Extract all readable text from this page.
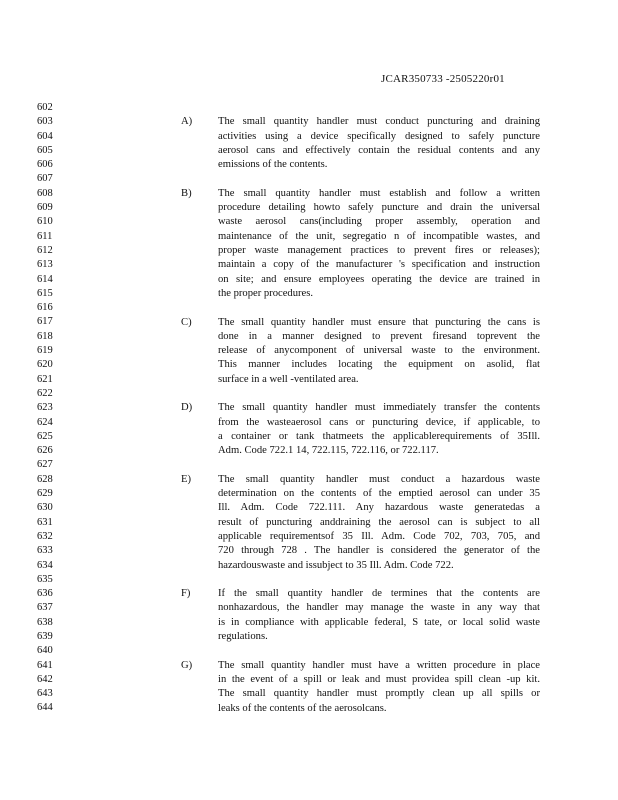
JCAR350733 -2505220r01
602
603
604
605
606
607
608
609
610
611
612
613
614
615
616
617
618
619
620
621
622
623
624
625
626
627
628
629
630
631
632
633
634
635
636
637
638
639
640
641
642
643
644
A) The small quantity handler must conduct puncturing and draining
activities using a device specifically designed to safely puncture
aerosol cans and effectively contain the residual contents and any
emissions of the contents.
B) The small quantity handler must establish and follow a written
procedure detailing howto safely puncture and drain the universal
waste aerosol cans(including proper assembly, operation and
maintenance of the unit, segregatio n of incompatible wastes, and
proper waste management practices to prevent fires or releases);
maintain a copy of the manufacturer 's specification and instruction
on site; and ensure employees operating the device are trained in
the proper procedures.
C) The small quantity handler must ensure that puncturing the cans is
done in a manner designed to prevent firesand toprevent the
release of anycomponent of universal waste to the environment.
This manner includes locating the equipment on asolid, flat
surface in a well -ventilated area.
D) The small quantity handler must immediately transfer the contents
from the wasteaerosol cans or puncturing device, if applicable, to
a container or tank thatmeets the applicablerequirements of 35Ill.
Adm. Code 722.1 14, 722.115, 722.116, or 722.117.
E)	The small quantity handler must conduct a hazardous waste
determination on the contents of the emptied aerosol can under 35
Ill. Adm. Code 722.111. Any hazardous waste generatedas a
result of puncturing anddraining the aerosol can is subject to all
applicable requirementsof 35 Ill. Adm. Code 702, 703, 705, and
720 through 728 . The handler is considered the generator of the
hazardouswaste and issubject to 35 Ill. Adm. Code 722.
F)	If the small quantity handler de termines that the contents are
nonhazardous, the handler may manage the waste in any way that
is in compliance with applicable federal, S tate, or local solid waste
regulations.
G) The small quantity handler must have a written procedure in place
in the event of a spill or leak and must providea spill clean -up kit.
The small quantity handler must promptly clean up all spills or
leaks of the contents of the aerosolcans.
